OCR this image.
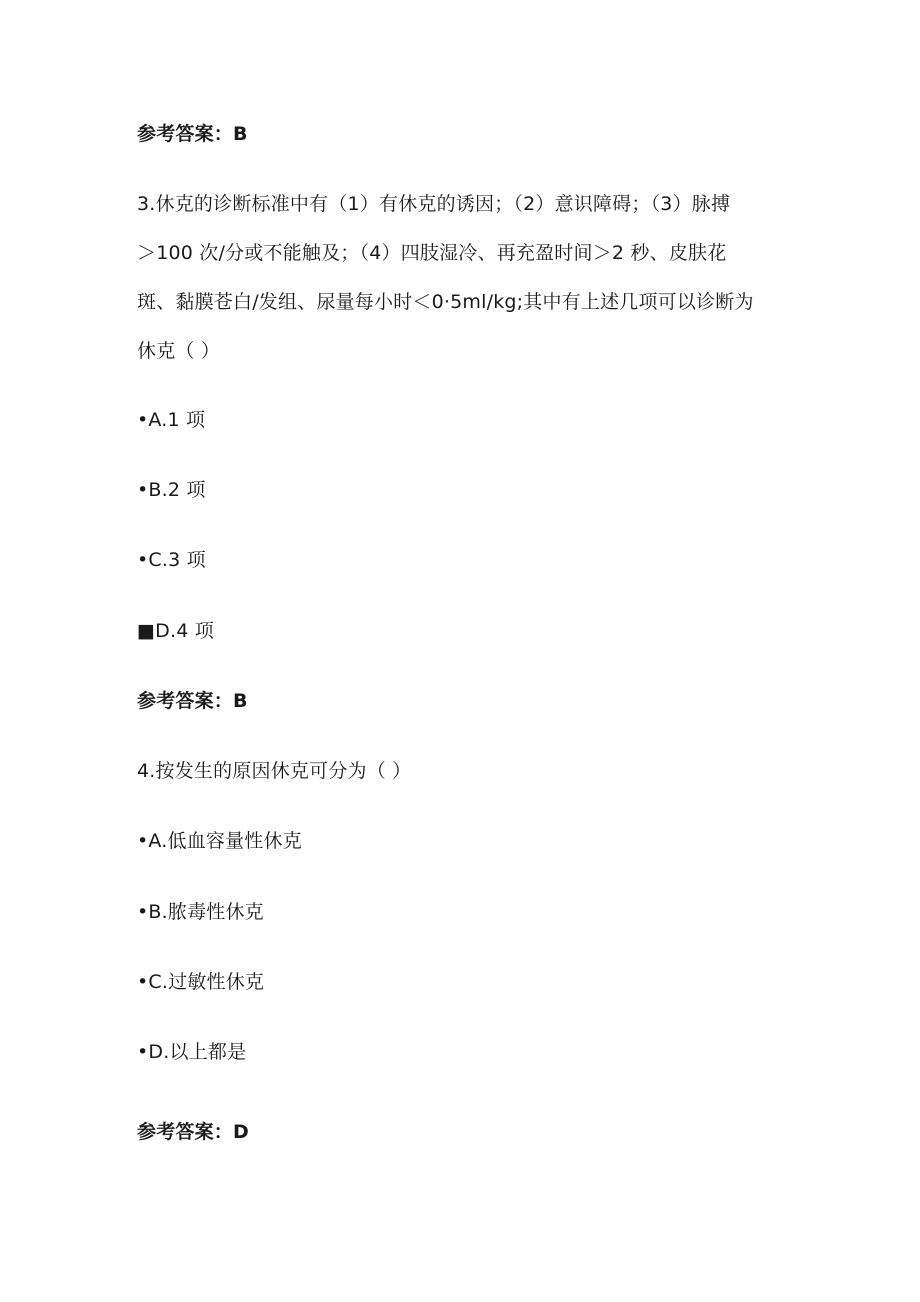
参考答案：B
3.休克的诊断标准中有（1）有休克的诱因；（2）意识障碍；（3）脉搏
＞100 次/分或不能触及；（4）四肢湿冷、再充盈时间＞2 秒、皮肤花
斑、黏膜苍白/发组、尿量每小时＜0·5ml/kg;其中有上述几项可以诊断为
休克（ ）
•A.1 项
•B.2 项
•C.3 项
■D.4 项
参考答案：B
4.按发生的原因休克可分为（ ）
•A.低血容量性休克
•B.脓毒性休克
•C.过敏性休克
•D.以上都是
参考答案：D
